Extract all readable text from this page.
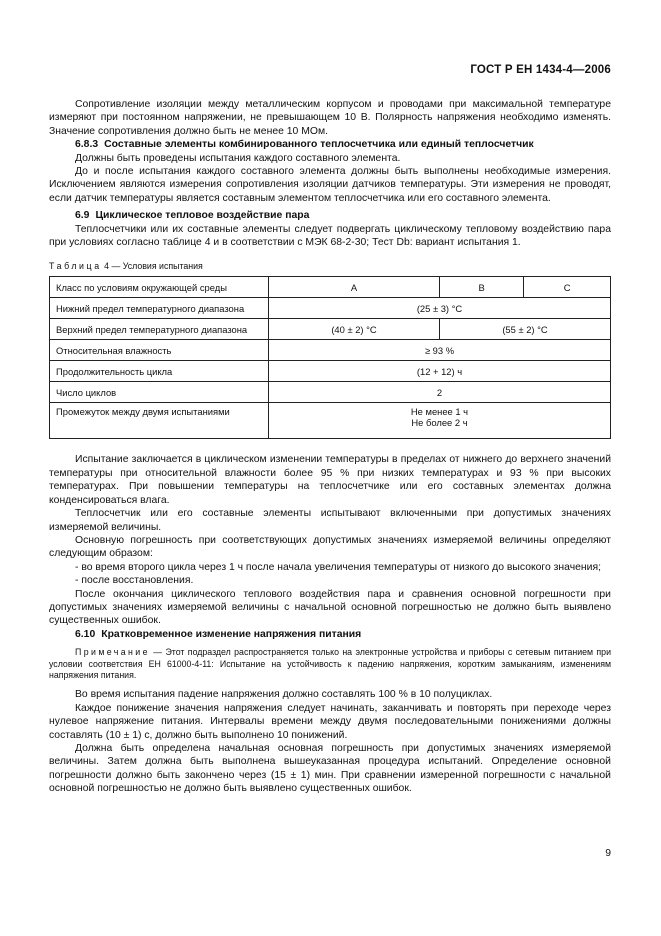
ГОСТ Р ЕН 1434-4—2006

Сопротивление изоляции между металлическим корпусом и проводами при максимальной температуре измеряют при постоянном напряжении, не превышающем 10 В. Полярность напряжения необходимо изменять. Значение сопротивления должно быть не менее 10 МОм.

6.8.3 Составные элементы комбинированного теплосчетчика или единый теплосчетчик

Должны быть проведены испытания каждого составного элемента.

До и после испытания каждого составного элемента должны быть выполнены необходимые измерения. Исключением являются измерения сопротивления изоляции датчиков температуры. Эти измерения не проводят, если датчик температуры является составным элементом теплосчетчика или его составного элемента.

6.9 Циклическое тепловое воздействие пара

Теплосчетчики или их составные элементы следует подвергать циклическому тепловому воздействию пара при условиях согласно таблице 4 и в соответствии с МЭК 68-2-30; Тест Db: вариант испытания 1.

Таблица 4 — Условия испытания
Класс по условиям окружающей среды	A	B	C
Нижний предел температурного диапазона	(25 ± 3) °C		
Верхний предел температурного диапазона	(40 ± 2) °C	(55 ± 2) °C	
Относительная влажность	≥ 93 %		
Продолжительность цикла	(12 + 12) ч		
Число циклов	2		
Промежуток между двумя испытаниями	Не менее 1 ч
Не более 2 ч		

Испытание заключается в циклическом изменении температуры в пределах от нижнего до верхнего значений температуры при относительной влажности более 95 % при низких температурах и 93 % при высоких температурах. При повышении температуры на теплосчетчике или его составных элементах должна конденсироваться влага.

Теплосчетчик или его составные элементы испытывают включенными при допустимых значениях измеряемой величины.

Основную погрешность при соответствующих допустимых значениях измеряемой величины определяют следующим образом:

- во время второго цикла через 1 ч после начала увеличения температуры от низкого до высокого значения;

- после восстановления.

После окончания циклического теплового воздействия пара и сравнения основной погрешности при допустимых значениях измеряемой величины с начальной основной погрешностью не должно быть выявлено существенных ошибок.

6.10 Кратковременное изменение напряжения питания

Примечание — Этот подраздел распространяется только на электронные устройства и приборы с сетевым питанием при условии соответствия ЕН 61000-4-11: Испытание на устойчивость к падению напряжения, коротким замыканиям, изменениям напряжения питания.

Во время испытания падение напряжения должно составлять 100 % в 10 полуциклах.

Каждое понижение значения напряжения следует начинать, заканчивать и повторять при переходе через нулевое напряжение питания. Интервалы времени между двумя последовательными понижениями должны составлять (10 ± 1) с, должно быть выполнено 10 понижений.

Должна быть определена начальная основная погрешность при допустимых значениях измеряемой величины. Затем должна быть выполнена вышеуказанная процедура испытаний. Определение основной погрешности должно быть закончено через (15 ± 1) мин. При сравнении измеренной погрешности с начальной основной погрешностью не должно быть выявлено существенных ошибок.

9
